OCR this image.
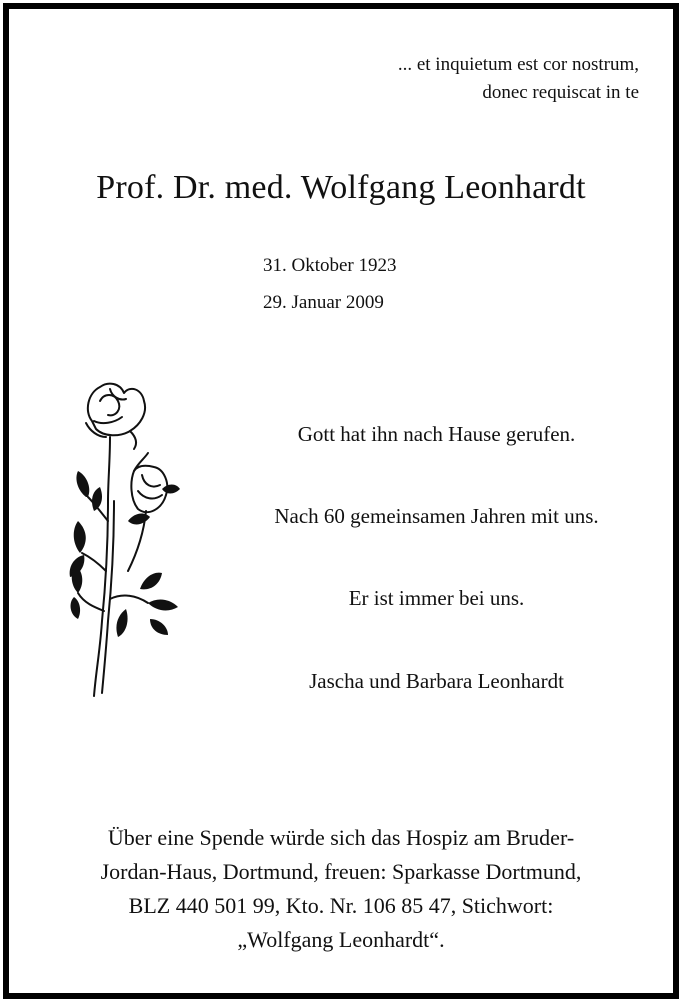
... et inquietum est cor nostrum,
donec requiscat in te
Prof. Dr. med. Wolfgang Leonhardt
31. Oktober 1923
29. Januar 2009
Gott hat ihn nach Hause gerufen.
Nach 60 gemeinsamen Jahren mit uns.
Er ist immer bei uns.
Jascha und Barbara Leonhardt
Über eine Spende würde sich das Hospiz am Bruder-
Jordan-Haus, Dortmund, freuen: Sparkasse Dortmund,
BLZ 440 501 99, Kto. Nr. 106 85 47, Stichwort:
„Wolfgang Leonhardt“.
